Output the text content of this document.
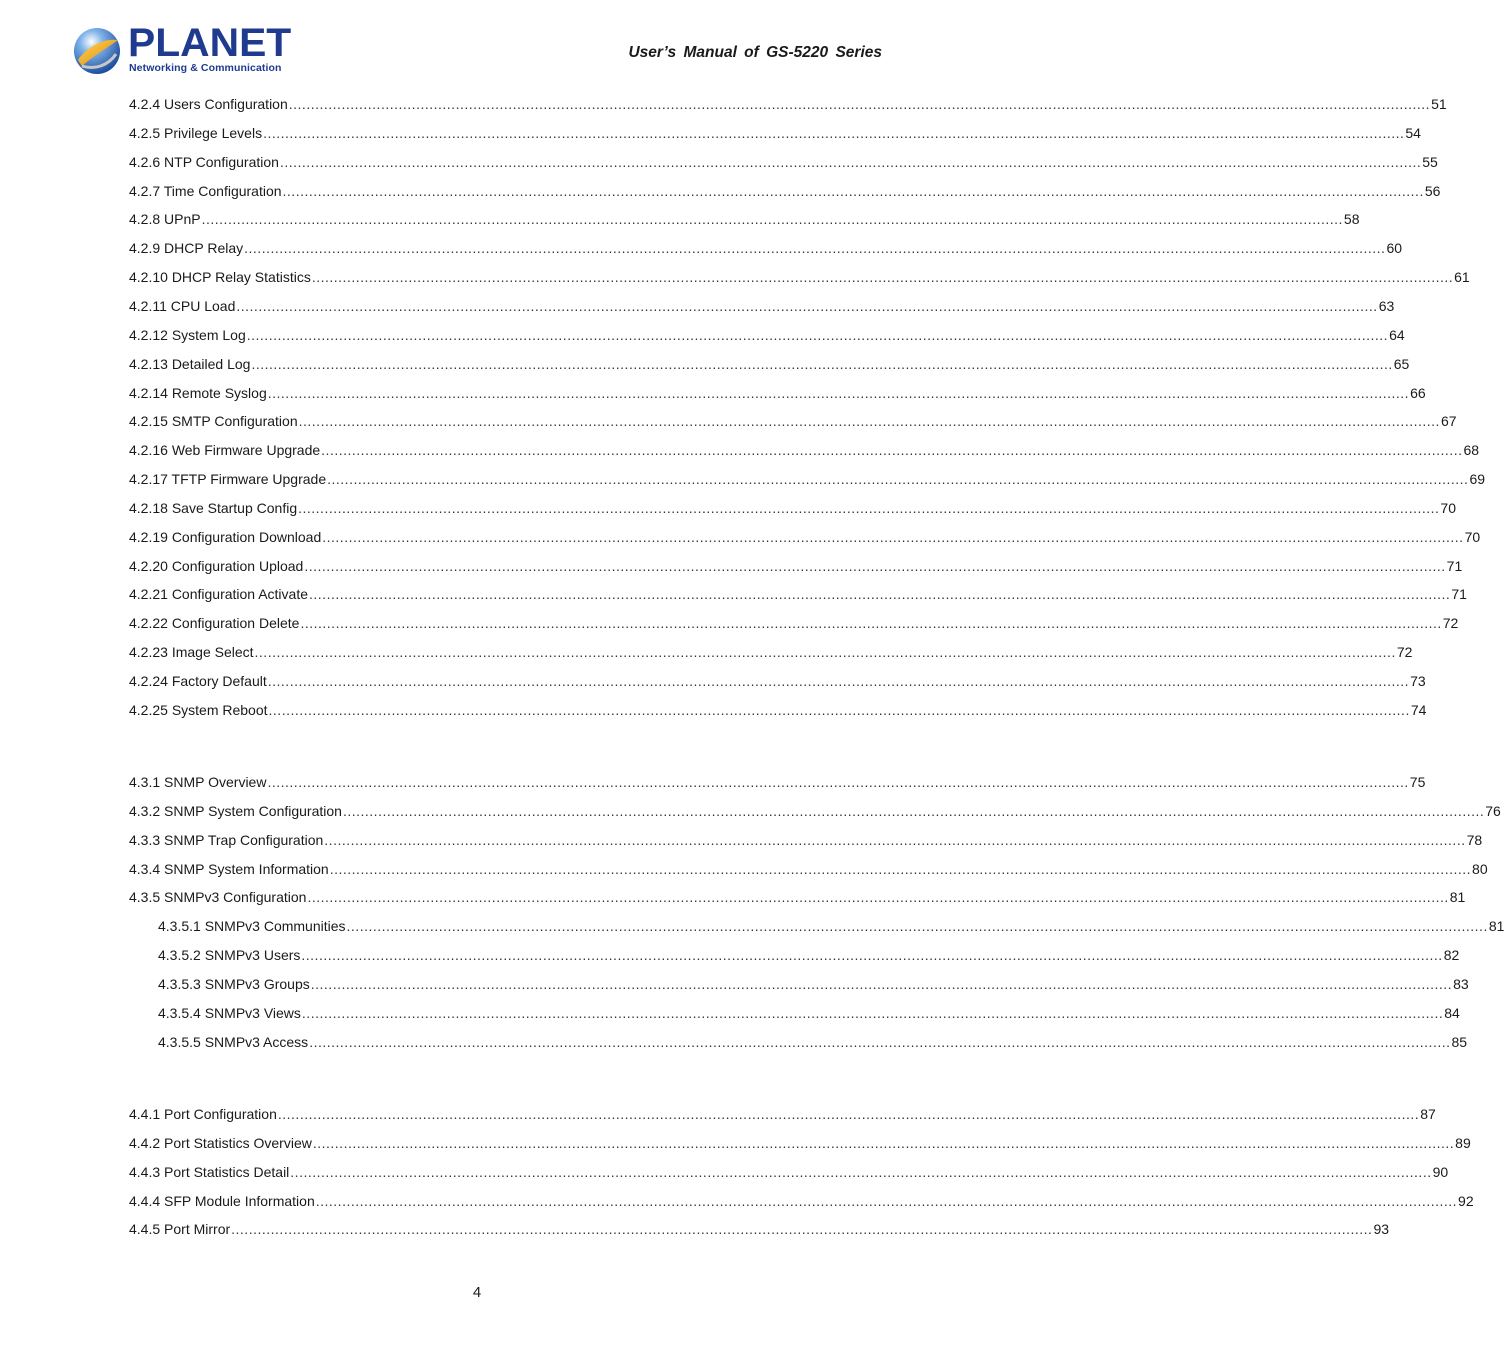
PLANET
Networking & Communication
User’s Manual of GS-5220 Series
4.2.4 Users Configuration .................................................................................................................................................................................................................................................................... 51
4.2.5 Privilege Levels .................................................................................................................................................................................................................................................................... 54
4.2.6 NTP Configuration .................................................................................................................................................................................................................................................................... 55
4.2.7 Time Configuration .................................................................................................................................................................................................................................................................... 56
4.2.8 UPnP .................................................................................................................................................................................................................................................................... 58
4.2.9 DHCP Relay .................................................................................................................................................................................................................................................................... 60
4.2.10 DHCP Relay Statistics .................................................................................................................................................................................................................................................................... 61
4.2.11 CPU Load .................................................................................................................................................................................................................................................................... 63
4.2.12 System Log .................................................................................................................................................................................................................................................................... 64
4.2.13 Detailed Log .................................................................................................................................................................................................................................................................... 65
4.2.14 Remote Syslog .................................................................................................................................................................................................................................................................... 66
4.2.15 SMTP Configuration .................................................................................................................................................................................................................................................................... 67
4.2.16 Web Firmware Upgrade .................................................................................................................................................................................................................................................................... 68
4.2.17 TFTP Firmware Upgrade .................................................................................................................................................................................................................................................................... 69
4.2.18 Save Startup Config .................................................................................................................................................................................................................................................................... 70
4.2.19 Configuration Download .................................................................................................................................................................................................................................................................... 70
4.2.20 Configuration Upload .................................................................................................................................................................................................................................................................... 71
4.2.21 Configuration Activate .................................................................................................................................................................................................................................................................... 71
4.2.22 Configuration Delete .................................................................................................................................................................................................................................................................... 72
4.2.23 Image Select .................................................................................................................................................................................................................................................................... 72
4.2.24 Factory Default .................................................................................................................................................................................................................................................................... 73
4.2.25 System Reboot .................................................................................................................................................................................................................................................................... 74
4.3.1 SNMP Overview .................................................................................................................................................................................................................................................................... 75
4.3.2 SNMP System Configuration .................................................................................................................................................................................................................................................................... 76
4.3.3 SNMP Trap Configuration .................................................................................................................................................................................................................................................................... 78
4.3.4 SNMP System Information .................................................................................................................................................................................................................................................................... 80
4.3.5 SNMPv3 Configuration .................................................................................................................................................................................................................................................................... 81
4.3.5.1 SNMPv3 Communities .................................................................................................................................................................................................................................................................... 81
4.3.5.2 SNMPv3 Users .................................................................................................................................................................................................................................................................... 82
4.3.5.3 SNMPv3 Groups .................................................................................................................................................................................................................................................................... 83
4.3.5.4 SNMPv3 Views .................................................................................................................................................................................................................................................................... 84
4.3.5.5 SNMPv3 Access .................................................................................................................................................................................................................................................................... 85
4.4.1 Port Configuration .................................................................................................................................................................................................................................................................... 87
4.4.2 Port Statistics Overview .................................................................................................................................................................................................................................................................... 89
4.4.3 Port Statistics Detail .................................................................................................................................................................................................................................................................... 90
4.4.4 SFP Module Information .................................................................................................................................................................................................................................................................... 92
4.4.5 Port Mirror .................................................................................................................................................................................................................................................................... 93
4
